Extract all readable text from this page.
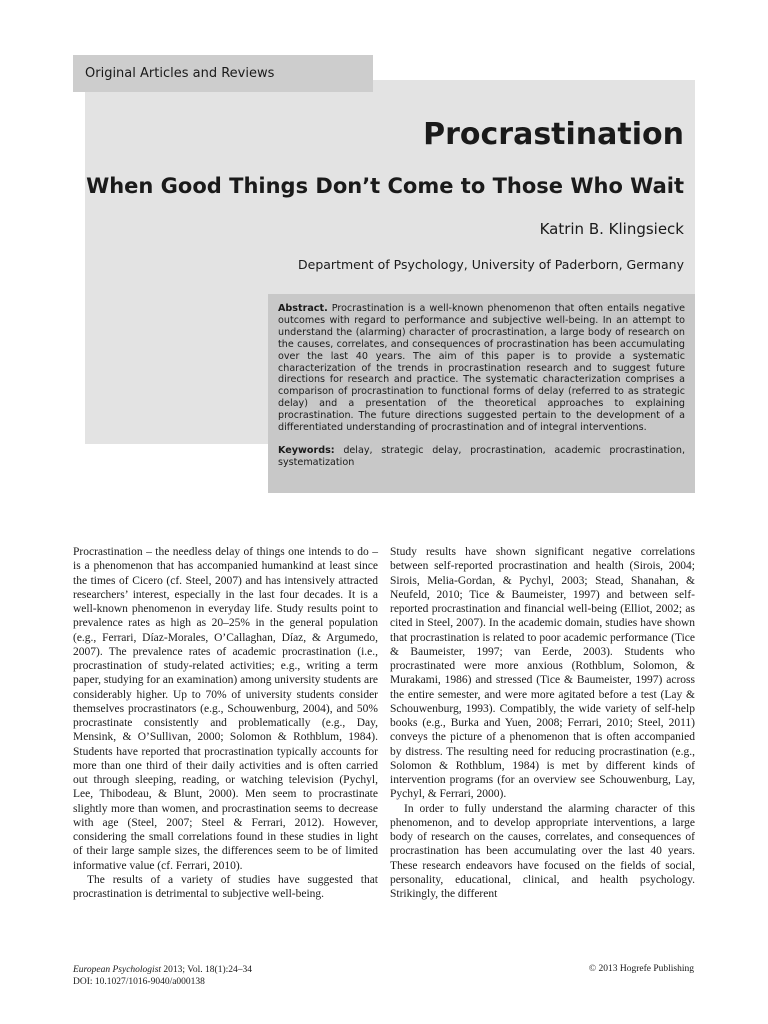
Original Articles and Reviews
Procrastination
When Good Things Don’t Come to Those Who Wait
Katrin B. Klingsieck
Department of Psychology, University of Paderborn, Germany
Abstract. Procrastination is a well-known phenomenon that often entails negative outcomes with regard to performance and subjective well-being. In an attempt to understand the (alarming) character of procrastination, a large body of research on the causes, correlates, and consequences of procrastination has been accumulating over the last 40 years. The aim of this paper is to provide a systematic characterization of the trends in procrastination research and to suggest future directions for research and practice. The systematic characterization comprises a comparison of procrastination to functional forms of delay (referred to as strategic delay) and a presentation of the theoretical approaches to explaining procrastination. The future directions suggested pertain to the development of a differentiated understanding of procrastination and of integral interventions.
Keywords: delay, strategic delay, procrastination, academic procrastination, systematization

Procrastination – the needless delay of things one intends to do – is a phenomenon that has accompanied humankind at least since the times of Cicero (cf. Steel, 2007) and has intensively attracted researchers’ interest, especially in the last four decades. It is a well-known phenomenon in everyday life. Study results point to prevalence rates as high as 20–25% in the general population (e.g., Ferrari, Díaz-Morales, O’Callaghan, Díaz, & Argumedo, 2007). The prevalence rates of academic procrastination (i.e., procrastination of study-related activities; e.g., writing a term paper, studying for an examination) among university students are considerably higher. Up to 70% of university students consider themselves procrastinators (e.g., Schouwenburg, 2004), and 50% procrastinate consistently and problematically (e.g., Day, Mensink, & O’Sullivan, 2000; Solomon & Rothblum, 1984). Students have reported that procrastination typically accounts for more than one third of their daily activities and is often carried out through sleeping, reading, or watching television (Pychyl, Lee, Thibodeau, & Blunt, 2000). Men seem to procrastinate slightly more than women, and procrastination seems to decrease with age (Steel, 2007; Steel & Ferrari, 2012). However, considering the small correlations found in these studies in light of their large sample sizes, the differences seem to be of limited informative value (cf. Ferrari, 2010).

The results of a variety of studies have suggested that procrastination is detrimental to subjective well-being.

Study results have shown significant negative correlations between self-reported procrastination and health (Sirois, 2004; Sirois, Melia-Gordan, & Pychyl, 2003; Stead, Shanahan, & Neufeld, 2010; Tice & Baumeister, 1997) and between self-reported procrastination and financial well-being (Elliot, 2002; as cited in Steel, 2007). In the academic domain, studies have shown that procrastination is related to poor academic performance (Tice & Baumeister, 1997; van Eerde, 2003). Students who procrastinated were more anxious (Rothblum, Solomon, & Murakami, 1986) and stressed (Tice & Baumeister, 1997) across the entire semester, and were more agitated before a test (Lay & Schouwenburg, 1993). Compatibly, the wide variety of self-help books (e.g., Burka and Yuen, 2008; Ferrari, 2010; Steel, 2011) conveys the picture of a phenomenon that is often accompanied by distress. The resulting need for reducing procrastination (e.g., Solomon & Rothblum, 1984) is met by different kinds of intervention programs (for an overview see Schouwenburg, Lay, Pychyl, & Ferrari, 2000).

In order to fully understand the alarming character of this phenomenon, and to develop appropriate interventions, a large body of research on the causes, correlates, and consequences of procrastination has been accumulating over the last 40 years. These research endeavors have focused on the fields of social, personality, educational, clinical, and health psychology. Strikingly, the different

European Psychologist 2013; Vol. 18(1):24–34
DOI: 10.1027/1016-9040/a000138
© 2013 Hogrefe Publishing
